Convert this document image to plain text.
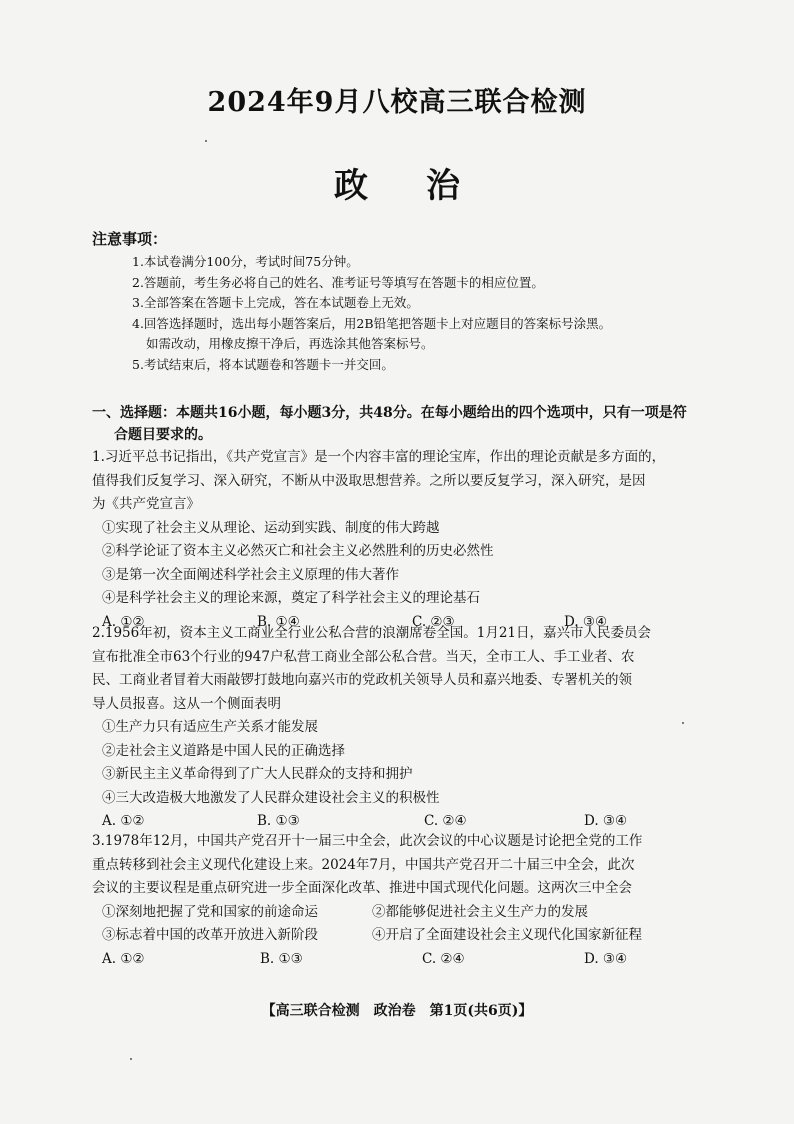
2024年9月八校高三联合检测
政治
注意事项：
1.本试卷满分100分，考试时间75分钟。
2.答题前，考生务必将自己的姓名、准考证号等填写在答题卡的相应位置。
3.全部答案在答题卡上完成，答在本试题卷上无效。
4.回答选择题时，选出每小题答案后，用2B铅笔把答题卡上对应题目的答案标号涂黑。
如需改动，用橡皮擦干净后，再选涂其他答案标号。
5.考试结束后，将本试题卷和答题卡一并交回。
一、选择题：本题共16小题，每小题3分，共48分。在每小题给出的四个选项中，只有一项是符
合题目要求的。
1.习近平总书记指出，《共产党宣言》是一个内容丰富的理论宝库，作出的理论贡献是多方面的，
值得我们反复学习、深入研究，不断从中汲取思想营养。之所以要反复学习，深入研究，是因
为《共产党宣言》
①实现了社会主义从理论、运动到实践、制度的伟大跨越
②科学论证了资本主义必然灭亡和社会主义必然胜利的历史必然性
③是第一次全面阐述科学社会主义原理的伟大著作
④是科学社会主义的理论来源，奠定了科学社会主义的理论基石
A. ①②	B. ①④	C. ②③	D. ③④
2.1956年初，资本主义工商业全行业公私合营的浪潮席卷全国。1月21日，嘉兴市人民委员会
宣布批准全市63个行业的947户私营工商业全部公私合营。当天，全市工人、手工业者、农
民、工商业者冒着大雨敲锣打鼓地向嘉兴市的党政机关领导人员和嘉兴地委、专署机关的领
导人员报喜。这从一个侧面表明
①生产力只有适应生产关系才能发展
②走社会主义道路是中国人民的正确选择
③新民主主义革命得到了广大人民群众的支持和拥护
④三大改造极大地激发了人民群众建设社会主义的积极性
A. ①②	B. ①③	C. ②④	D. ③④
3.1978年12月，中国共产党召开十一届三中全会，此次会议的中心议题是讨论把全党的工作
重点转移到社会主义现代化建设上来。2024年7月，中国共产党召开二十届三中全会，此次
会议的主要议程是重点研究进一步全面深化改革、推进中国式现代化问题。这两次三中全会
①深刻地把握了党和国家的前途命运	②都能够促进社会主义生产力的发展
③标志着中国的改革开放进入新阶段	④开启了全面建设社会主义现代化国家新征程
A. ①②	B. ①③	C. ②④	D. ③④
【高三联合检测　政治卷　第1页(共6页)】
